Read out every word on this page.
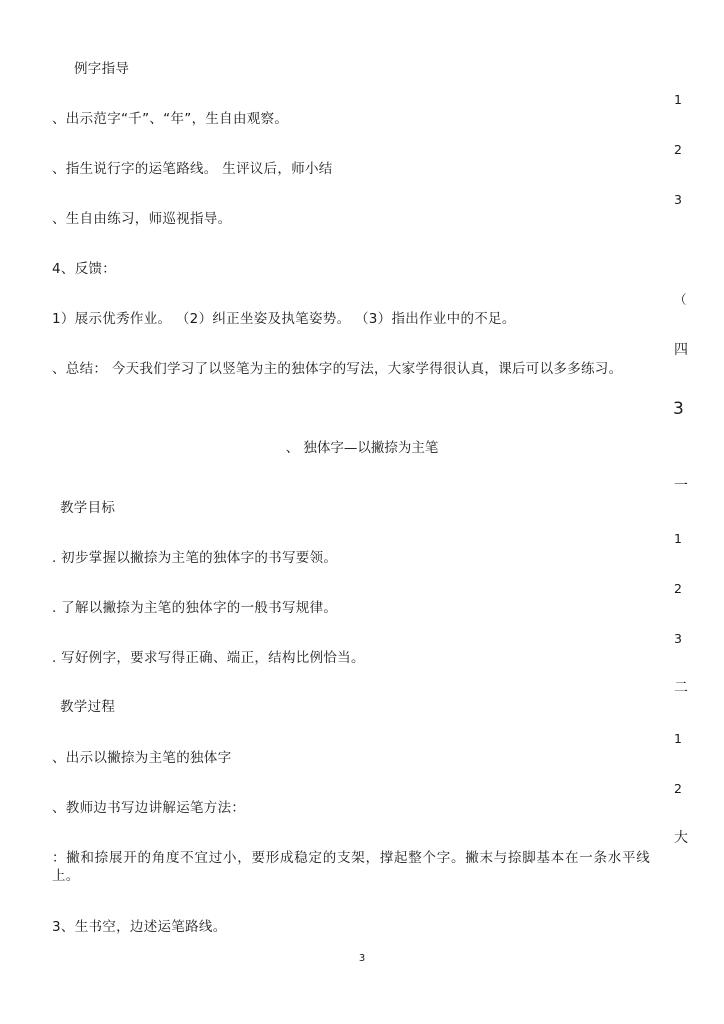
1
2
3
（
四
3
一
1
2
3
二
1
2
大
例字指导
、出示范字“千”、“年”，生自由观察。
、指生说行字的运笔路线。 生评议后，师小结
、生自由练习，师巡视指导。
4、反馈：
1）展示优秀作业。 （2）纠正坐姿及执笔姿势。 （3）指出作业中的不足。
、总结： 今天我们学习了以竖笔为主的独体字的写法，大家学得很认真，课后可以多多练习。
、 独体字—以撇捺为主笔
教学目标
. 初步掌握以撇捺为主笔的独体字的书写要领。
. 了解以撇捺为主笔的独体字的一般书写规律。
. 写好例字，要求写得正确、端正，结构比例恰当。
教学过程
、出示以撇捺为主笔的独体字
、教师边书写边讲解运笔方法：
：撇和捺展开的角度不宜过小，要形成稳定的支架，撑起整个字。撇末与捺脚基本在一条水平线
上。
3、生书空，边述运笔路线。
3
